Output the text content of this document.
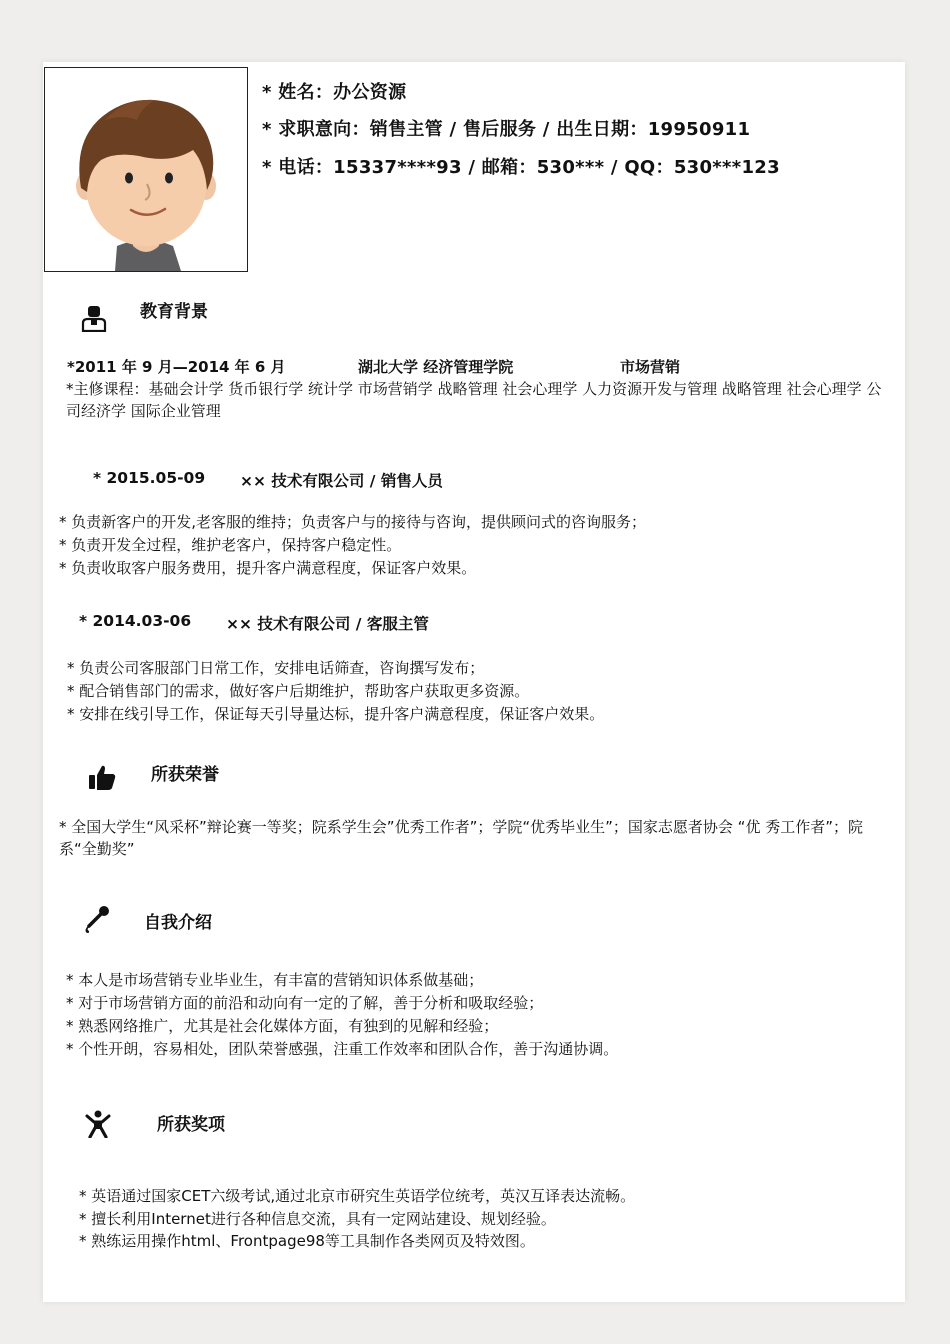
* 姓名：办公资源
* 求职意向：销售主管 / 售后服务 / 出生日期：19950911
* 电话：15337****93 / 邮箱：530*** / QQ：530***123
教育背景
*2011 年 9 月—2014 年 6 月	湖北大学 经济管理学院	市场营销
*主修课程：基础会计学 货币银行学 统计学 市场营销学 战略管理 社会心理学 人力资源开发与管理 战略管理 社会心理学 公司经济学 国际企业管理
* 2015.05-09 ×× 技术有限公司 / 销售人员
* 负责新客户的开发,老客服的维持；负责客户与的接待与咨询，提供顾问式的咨询服务；
* 负责开发全过程，维护老客户，保持客户稳定性。
* 负责收取客户服务费用，提升客户满意程度，保证客户效果。
* 2014.03-06 ×× 技术有限公司 / 客服主管
* 负责公司客服部门日常工作，安排电话筛查，咨询撰写发布；
* 配合销售部门的需求，做好客户后期维护，帮助客户获取更多资源。
* 安排在线引导工作，保证每天引导量达标，提升客户满意程度，保证客户效果。
所获荣誉
* 全国大学生“风采杯”辩论赛一等奖；院系学生会”优秀工作者”；学院“优秀毕业生”；国家志愿者协会 “优 秀工作者”；院系“全勤奖”
自我介绍
* 本人是市场营销专业毕业生，有丰富的营销知识体系做基础；
* 对于市场营销方面的前沿和动向有一定的了解，善于分析和吸取经验；
* 熟悉网络推广，尤其是社会化媒体方面，有独到的见解和经验；
* 个性开朗，容易相处，团队荣誉感强，注重工作效率和团队合作，善于沟通协调。
所获奖项
* 英语通过国家CET六级考试,通过北京市研究生英语学位统考，英汉互译表达流畅。
* 擅长利用Internet进行各种信息交流，具有一定网站建设、规划经验。
* 熟练运用操作html、Frontpage98等工具制作各类网页及特效图。
